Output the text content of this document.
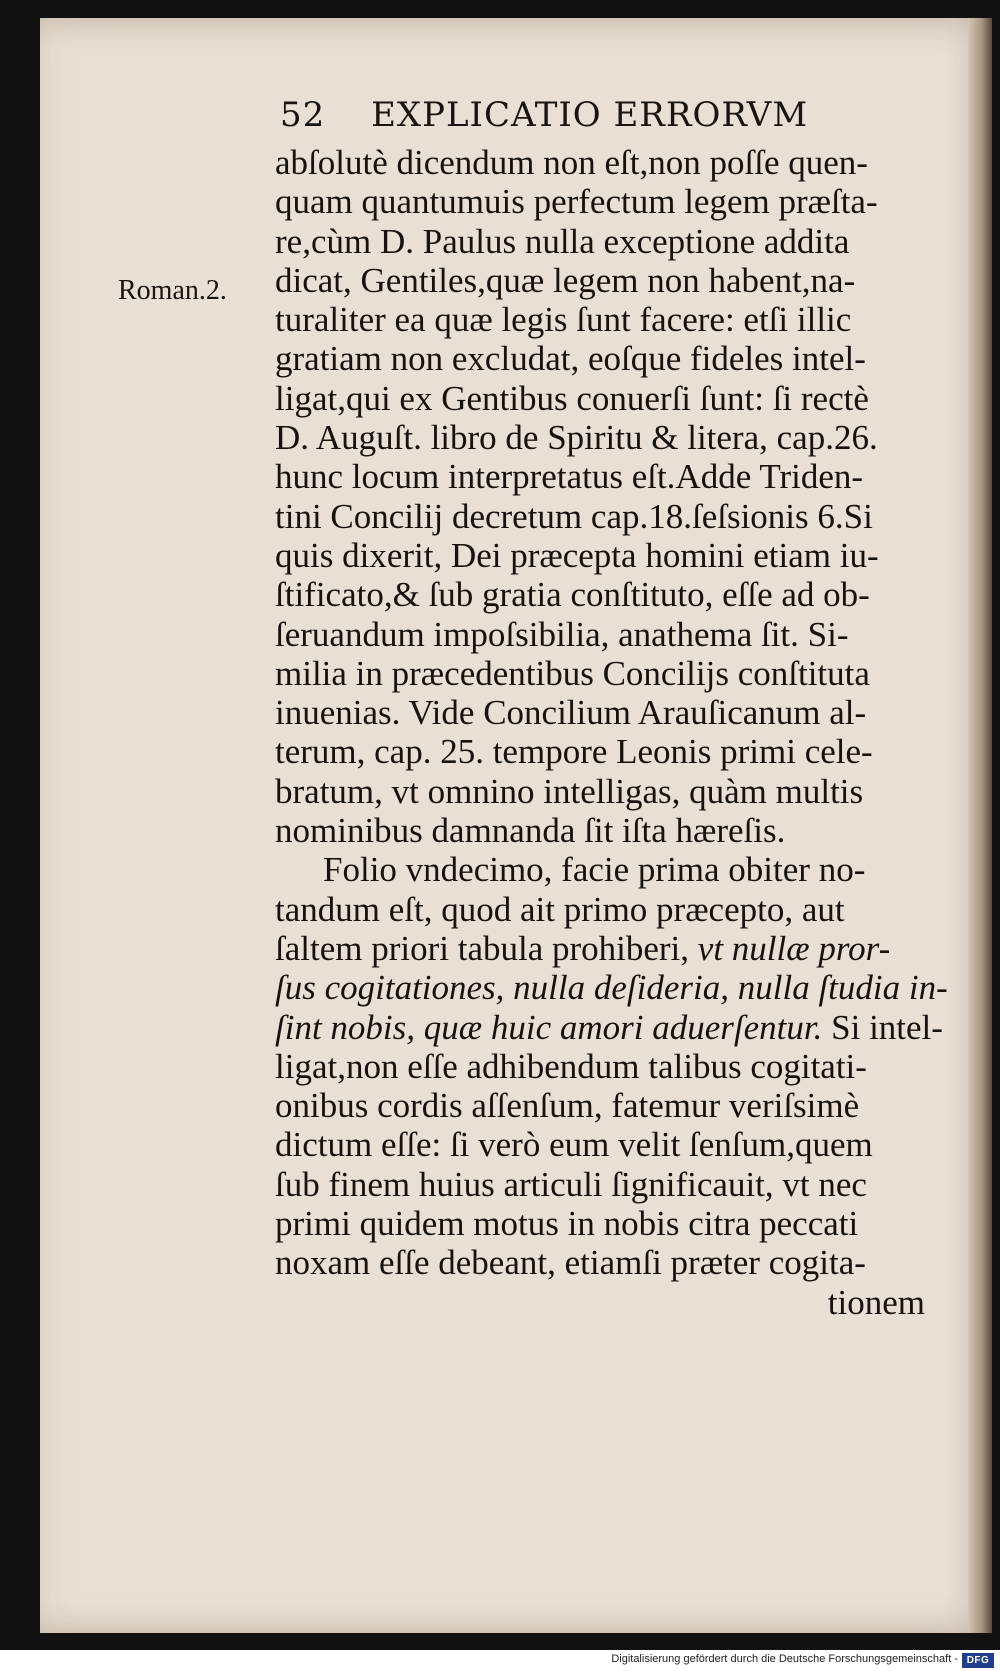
52 EXPLICATIO ERRORVM
Roman.2.
abſolutè dicendum non eſt,non poſſe quen-
quam quantumuis perfectum legem præſta-
re,cùm D. Paulus nulla exceptione addita
dicat, Gentiles,quæ legem non habent,na-
turaliter ea quæ legis ſunt facere: etſi illic
gratiam non excludat, eoſque fideles intel-
ligat,qui ex Gentibus conuerſi ſunt: ſi rectè
D. Auguſt. libro de Spiritu & litera, cap.26.
hunc locum interpretatus eſt.Adde Triden-
tini Concilij decretum cap.18.ſeſsionis 6.Si
quis dixerit, Dei præcepta homini etiam iu-
ſtificato,& ſub gratia conſtituto, eſſe ad ob-
ſeruandum impoſsibilia, anathema ſit. Si-
milia in præcedentibus Concilijs conſtituta
inuenias. Vide Concilium Arauſicanum al-
terum, cap. 25. tempore Leonis primi cele-
bratum, vt omnino intelligas, quàm multis
nominibus damnanda ſit iſta hæreſis.
Folio vndecimo, facie prima obiter no-
tandum eſt, quod ait primo præcepto, aut
ſaltem priori tabula prohiberi, vt nullæ pror-
ſus cogitationes, nulla deſideria, nulla ſtudia in-
ſint nobis, quæ huic amori aduerſentur. Si intel-
ligat,non eſſe adhibendum talibus cogitati-
onibus cordis aſſenſum, fatemur veriſsimè
dictum eſſe: ſi verò eum velit ſenſum,quem
ſub finem huius articuli ſignificauit, vt nec
primi quidem motus in nobis citra peccati
noxam eſſe debeant, etiamſi præter cogita-
tionem
Digitalisierung gefördert durch die Deutsche Forschungsgemeinschaft - DFG
